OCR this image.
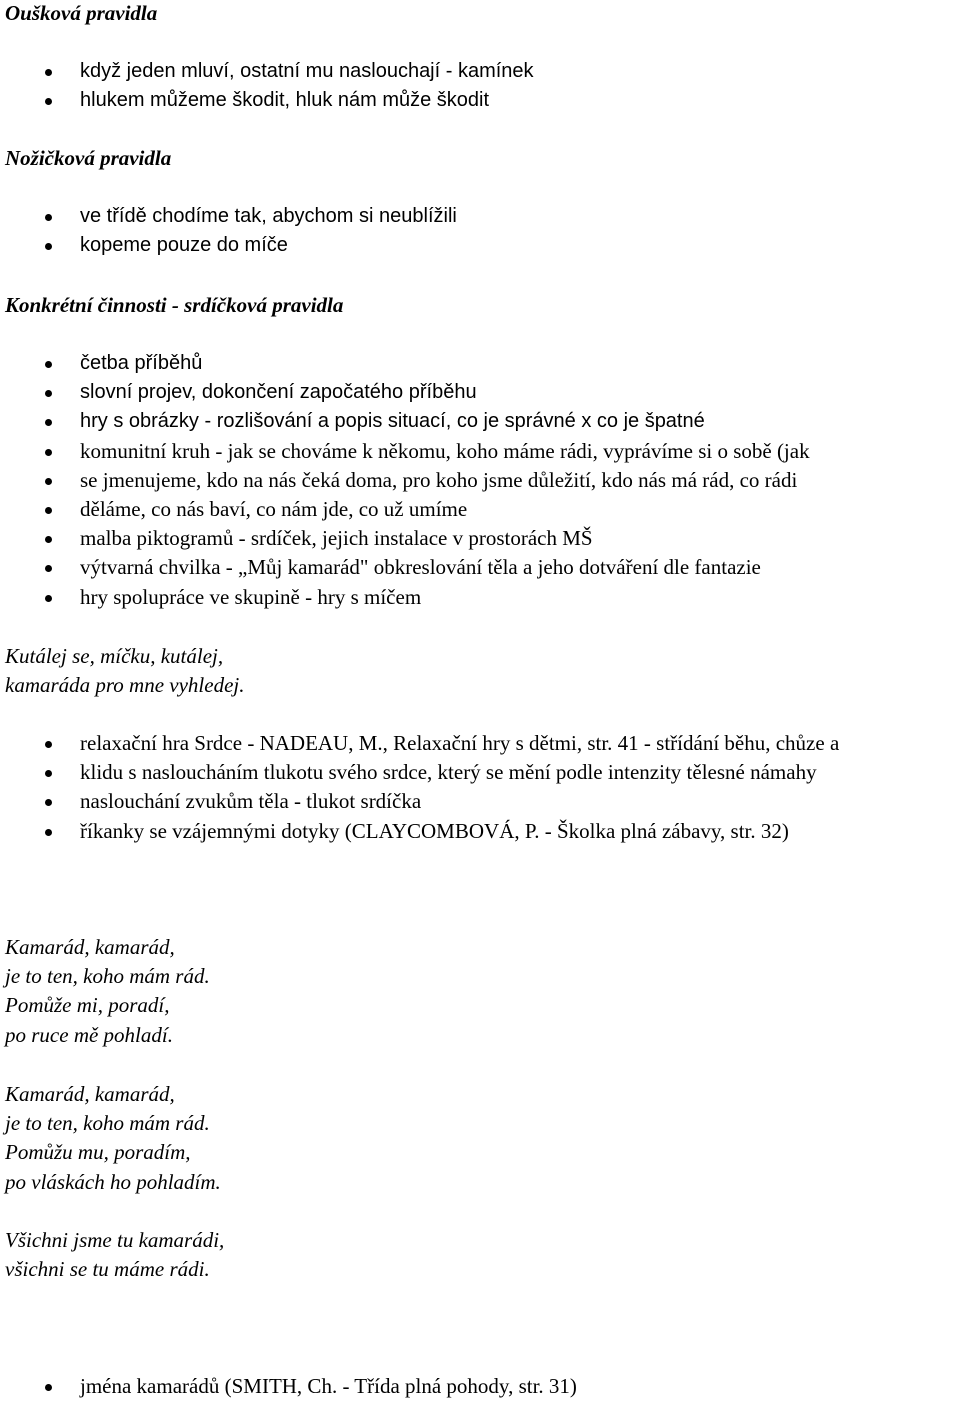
Oušková pravidla
když jeden mluví, ostatní mu naslouchají - kamínek
hlukem můžeme škodit, hluk nám může škodit
Nožičková pravidla
ve třídě chodíme tak, abychom si neublížili
kopeme pouze do míče
Konkrétní činnosti - srdíčková pravidla
četba příběhů
slovní projev, dokončení započatého příběhu
hry s obrázky - rozlišování a popis situací, co je správné x co je špatné
komunitní kruh - jak se chováme k někomu, koho máme rádi, vyprávíme si o sobě (jak
se jmenujeme, kdo na nás čeká doma, pro koho jsme důležití, kdo nás má rád, co rádi
děláme, co nás baví, co nám jde, co už umíme
malba piktogramů - srdíček, jejich instalace v prostorách MŠ
výtvarná chvilka - „Můj kamarád" obkreslování těla a jeho dotváření dle fantazie
hry spolupráce ve skupině - hry s míčem
Kutálej se, míčku, kutálej,
kamaráda pro mne vyhledej.
relaxační hra Srdce - NADEAU, M., Relaxační hry s dětmi, str. 41 - střídání běhu, chůze a
klidu s nasloucháním tlukotu svého srdce, který se mění podle intenzity tělesné námahy
naslouchání zvukům těla - tlukot srdíčka
říkanky se vzájemnými dotyky (CLAYCOMBOVÁ, P. - Školka plná zábavy, str. 32)
Kamarád, kamarád,
je to ten, koho mám rád.
Pomůže mi, poradí,
po ruce mě pohladí.
Kamarád, kamarád,
je to ten, koho mám rád.
Pomůžu mu, poradím,
po vláskách ho pohladím.
Všichni jsme tu kamarádi,
všichni se tu máme rádi.
jména kamarádů (SMITH, Ch. - Třída plná pohody, str. 31)
